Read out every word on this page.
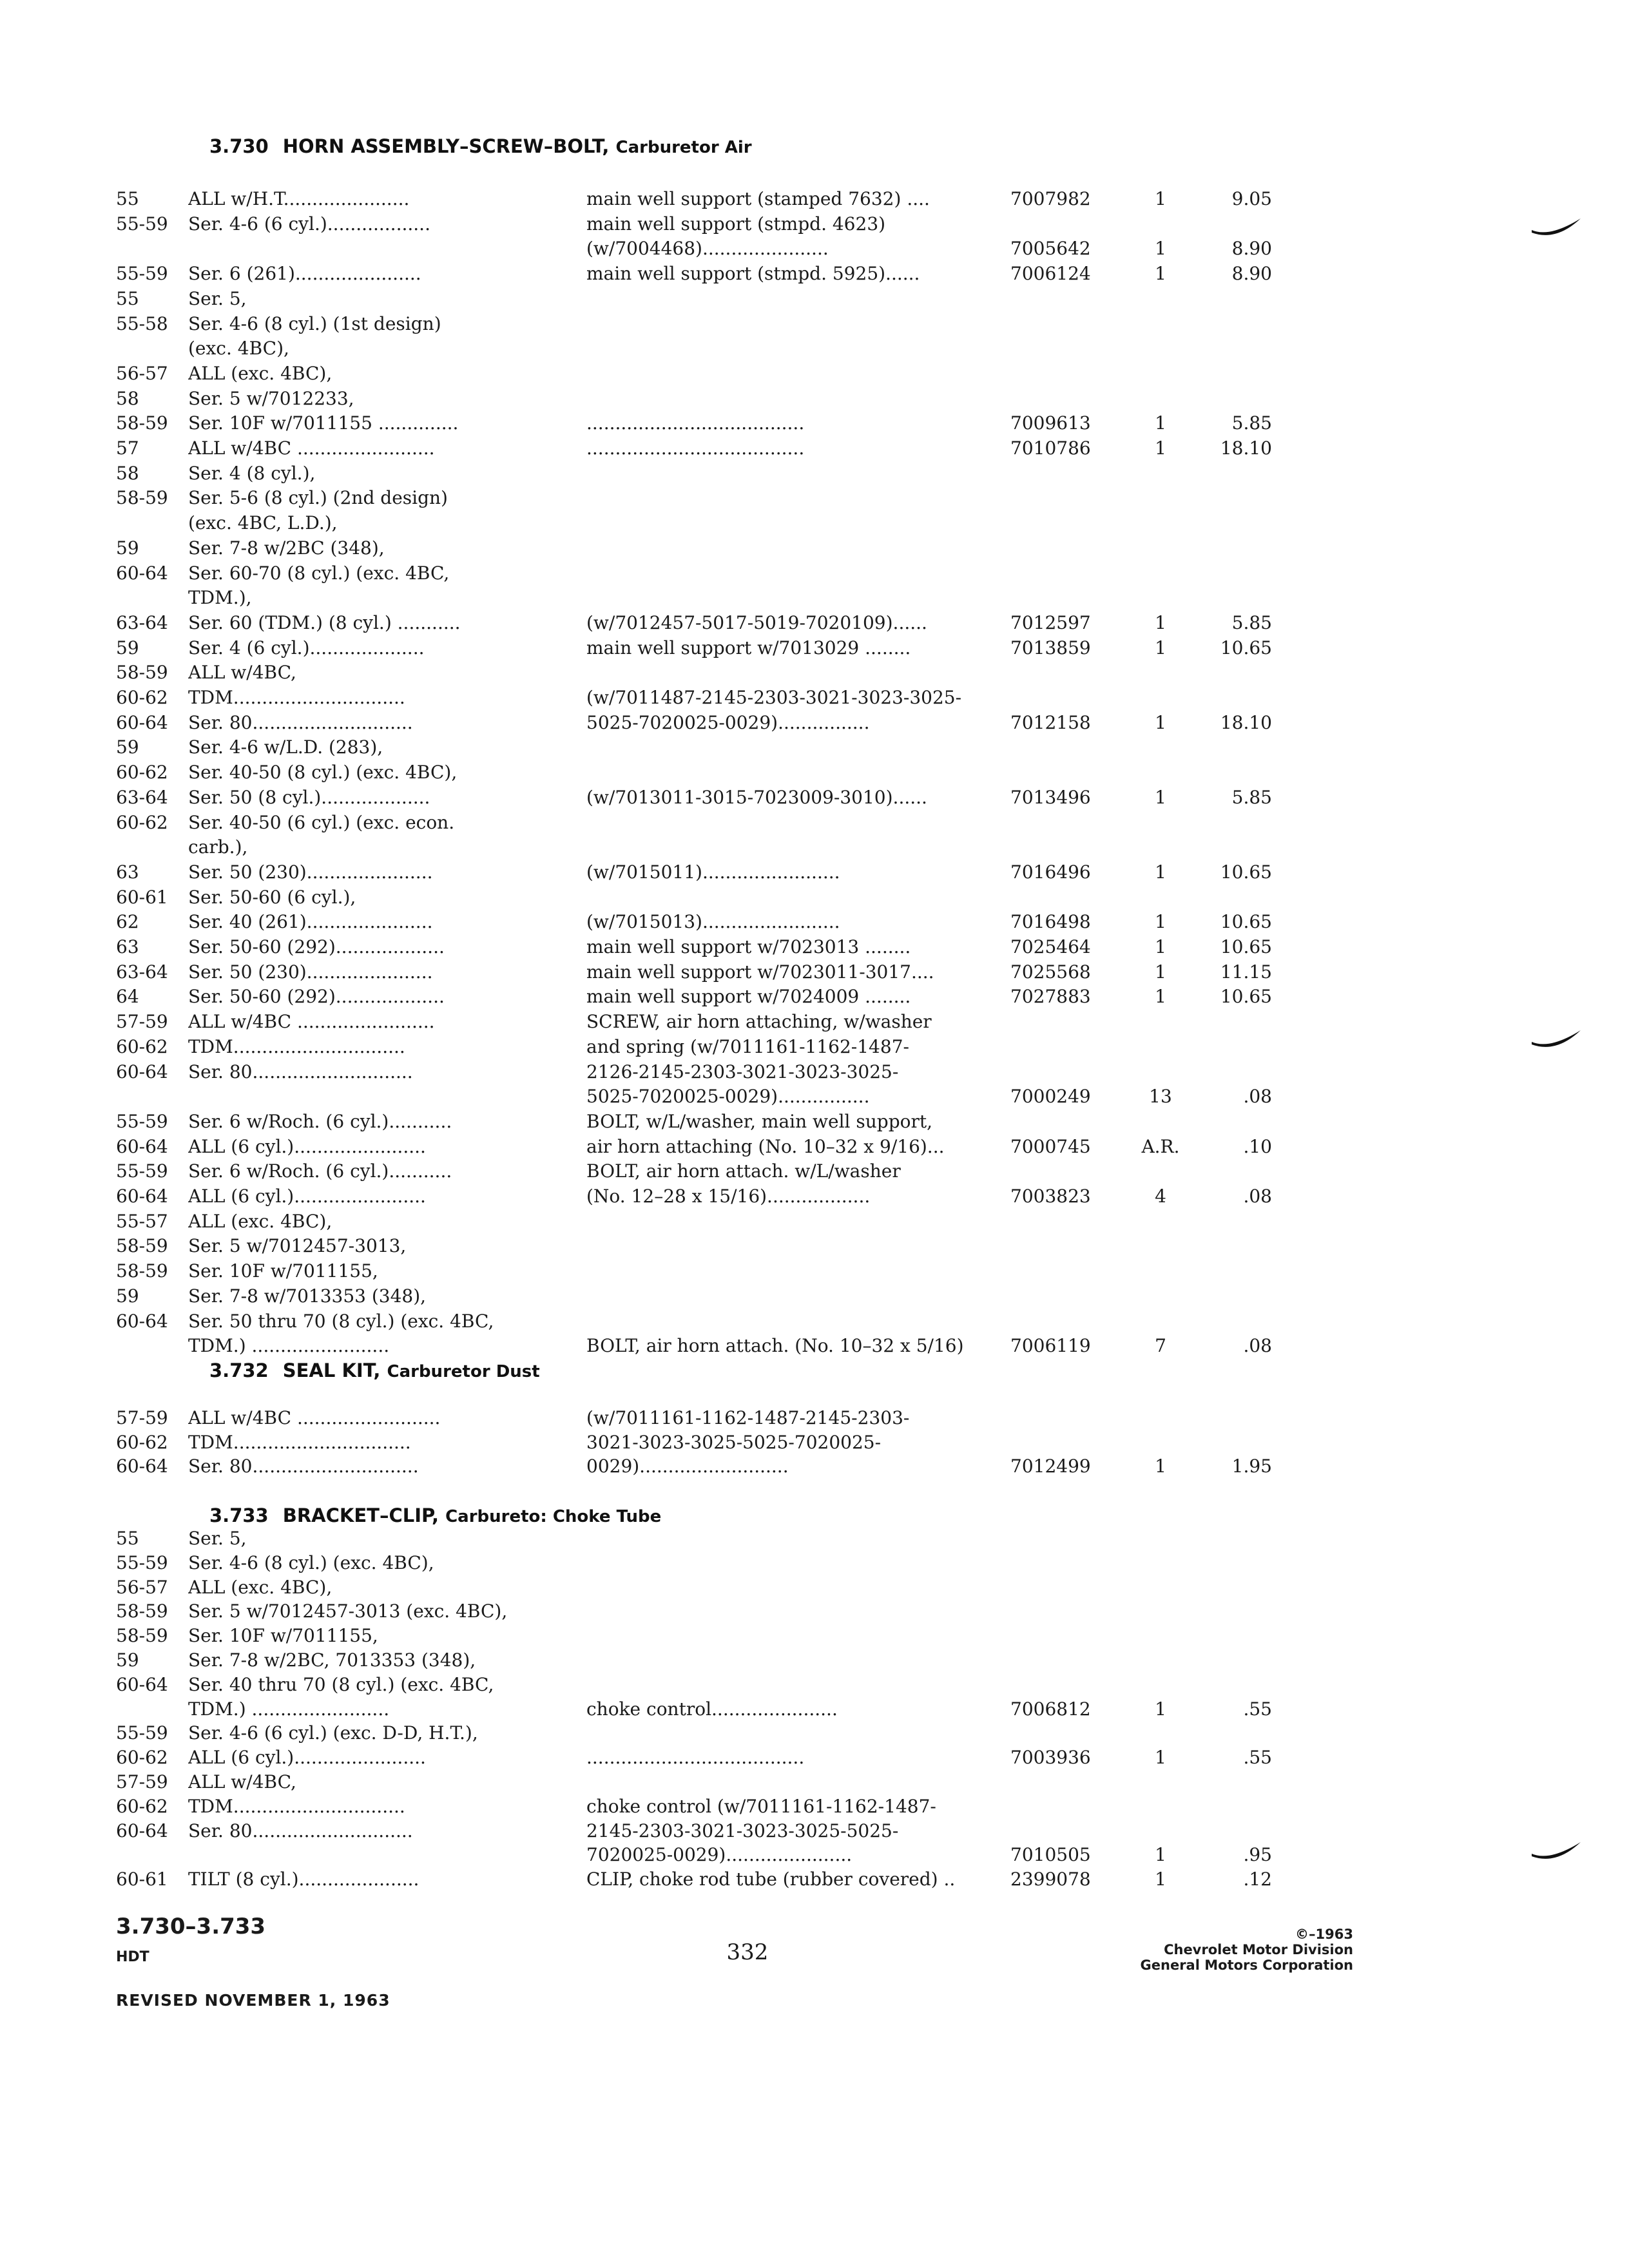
3.730 HORN ASSEMBLY–SCREW–BOLT, Carburetor Air
55	ALL w/H.T......................	main well support (stamped 7632) ....	7007982	1	9.05
55-59	Ser. 4-6 (6 cyl.)..................	main well support (stmpd. 4623)
(w/7004468)......................	7005642	1	8.90
55-59	Ser. 6 (261)......................	main well support (stmpd. 5925)......	7006124	1	8.90
55	Ser. 5,
55-58	Ser. 4-6 (8 cyl.) (1st design)
(exc. 4BC),
56-57	ALL (exc. 4BC),
58	Ser. 5 w/7012233,
58-59	Ser. 10F w/7011155 ..............	......................................	7009613	1	5.85
57	ALL w/4BC ........................	......................................	7010786	1	18.10
58	Ser. 4 (8 cyl.),
58-59	Ser. 5-6 (8 cyl.) (2nd design)
(exc. 4BC, L.D.),
59	Ser. 7-8 w/2BC (348),
60-64	Ser. 60-70 (8 cyl.) (exc. 4BC,
TDM.),
63-64	Ser. 60 (TDM.) (8 cyl.) ...........	(w/7012457-5017-5019-7020109)......	7012597	1	5.85
59	Ser. 4 (6 cyl.)....................	main well support w/7013029 ........	7013859	1	10.65
58-59	ALL w/4BC,
60-62	TDM..............................	(w/7011487-2145-2303-3021-3023-3025-
60-64	Ser. 80............................	5025-7020025-0029)................	7012158	1	18.10
59	Ser. 4-6 w/L.D. (283),
60-62	Ser. 40-50 (8 cyl.) (exc. 4BC),
63-64	Ser. 50 (8 cyl.)...................	(w/7013011-3015-7023009-3010)......	7013496	1	5.85
60-62	Ser. 40-50 (6 cyl.) (exc. econ.
carb.),
63	Ser. 50 (230)......................	(w/7015011)........................	7016496	1	10.65
60-61	Ser. 50-60 (6 cyl.),
62	Ser. 40 (261)......................	(w/7015013)........................	7016498	1	10.65
63	Ser. 50-60 (292)...................	main well support w/7023013 ........	7025464	1	10.65
63-64	Ser. 50 (230)......................	main well support w/7023011-3017....	7025568	1	11.15
64	Ser. 50-60 (292)...................	main well support w/7024009 ........	7027883	1	10.65
57-59	ALL w/4BC ........................	SCREW, air horn attaching, w/washer
60-62	TDM..............................	and spring (w/7011161-1162-1487-
60-64	Ser. 80............................	2126-2145-2303-3021-3023-3025-
5025-7020025-0029)................	7000249	13	.08
55-59	Ser. 6 w/Roch. (6 cyl.)...........	BOLT, w/L/washer, main well support,
60-64	ALL (6 cyl.).......................	air horn attaching (No. 10–32 x 9/16)...	7000745	A.R.	.10
55-59	Ser. 6 w/Roch. (6 cyl.)...........	BOLT, air horn attach. w/L/washer
60-64	ALL (6 cyl.).......................	(No. 12–28 x 15/16)..................	7003823	4	.08
55-57	ALL (exc. 4BC),
58-59	Ser. 5 w/7012457-3013,
58-59	Ser. 10F w/7011155,
59	Ser. 7-8 w/7013353 (348),
60-64	Ser. 50 thru 70 (8 cyl.) (exc. 4BC,
TDM.) ........................	BOLT, air horn attach. (No. 10–32 x 5/16)	7006119	7	.08
3.732 SEAL KIT, Carburetor Dust
57-59	ALL w/4BC .........................	(w/7011161-1162-1487-2145-2303-
60-62	TDM...............................	3021-3023-3025-5025-7020025-
60-64	Ser. 80.............................	0029)..........................	7012499	1	1.95
3.733 BRACKET–CLIP, Carbureto: Choke Tube
55	Ser. 5,
55-59	Ser. 4-6 (8 cyl.) (exc. 4BC),
56-57	ALL (exc. 4BC),
58-59	Ser. 5 w/7012457-3013 (exc. 4BC),
58-59	Ser. 10F w/7011155,
59	Ser. 7-8 w/2BC, 7013353 (348),
60-64	Ser. 40 thru 70 (8 cyl.) (exc. 4BC,
TDM.) ........................	choke control......................	7006812	1	.55
55-59	Ser. 4-6 (6 cyl.) (exc. D-D, H.T.),
60-62	ALL (6 cyl.).......................	......................................	7003936	1	.55
57-59	ALL w/4BC,
60-62	TDM..............................	choke control (w/7011161-1162-1487-
60-64	Ser. 80............................	2145-2303-3021-3023-3025-5025-
7020025-0029)......................	7010505	1	.95
60-61	TILT (8 cyl.).....................	CLIP, choke rod tube (rubber covered) ..	2399078	1	.12
3.730–3.733
HDT	332
©–1963
Chevrolet Motor Division
General Motors Corporation
REVISED NOVEMBER 1, 1963
